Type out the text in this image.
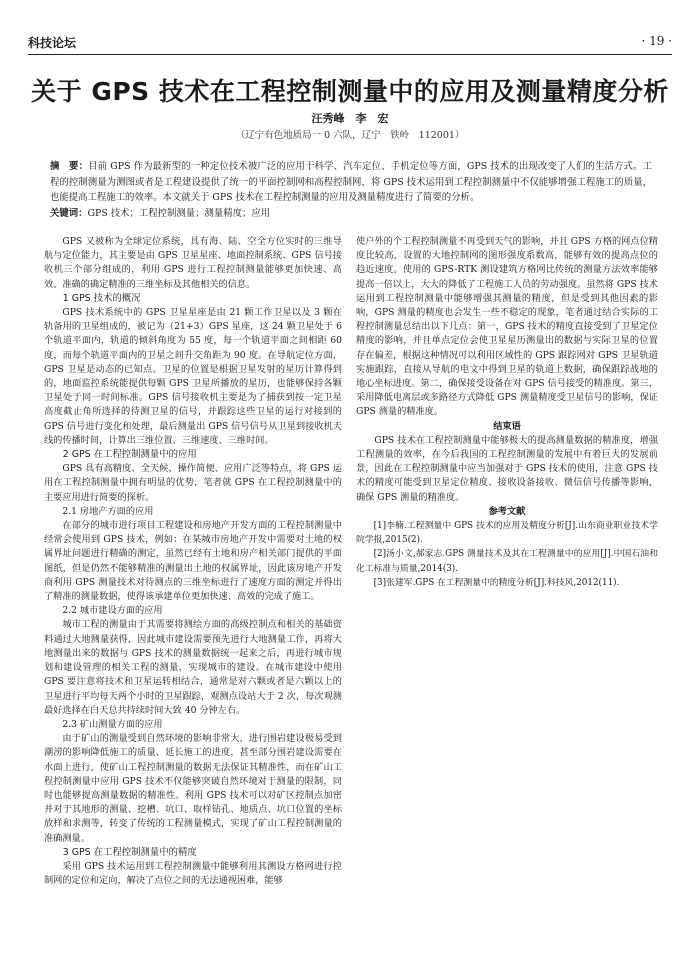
科技论坛	· 19 ·
关于 GPS 技术在工程控制测量中的应用及测量精度分析
汪秀峰　李　宏
（辽宁有色地质局一 0 六队，辽宁　铁岭　112001）
摘　要：目前 GPS 作为最新型的一种定位技术被广泛的应用于科学、汽车定位、手机定位等方面，GPS 技术的出现改变了人们的生活方式。工程的控制测量为测图或者是工程建设提供了统一的平面控制网和高程控制网，将 GPS 技术运用到工程控制测量中不仅能够增强工程施工的质量，也能提高工程施工的效率。本文就关于 GPS 技术在工程控制测量的应用及测量精度进行了简要的分析。
关键词：GPS 技术；工程控制测量；测量精度；应用

GPS 又被称为全球定位系统，具有海、陆、空全方位实时的三维导航与定位能力，其主要是由 GPS 卫星星座、地面控制系统、GPS 信号接收机三个部分组成的，利用 GPS 进行工程控制测量能够更加快速、高效、准确的确定精准的三维坐标及其他相关的信息。

1 GPS 技术的概况

GPS 技术系统中的 GPS 卫星星座是由 21 颗工作卫星以及 3 颗在轨备用的卫星组成的，被记为（21+3）GPS 星座，这 24 颗卫星处于 6 个轨道平面内，轨道的倾斜角度为 55 度，每一个轨道平面之间相距 60 度，而每个轨道平面内的卫星之间升交角距为 90 度。在导航定位方面，GPS 卫星是动态的已知点。卫星的位置是根据卫星发射的星历计算得到的，地面监控系统能提供每颗 GPS 卫星所播放的星历，也能够保持各颗卫星处于同一时间标准。GPS 信号接收机主要是为了捕获到按一定卫星高度截止角所选择的待测卫星的信号，并跟踪这些卫星的运行对接到的 GPS 信号进行变化和处理，最后测量出 GPS 信号信号从卫星到接收机天线的传播时间，计算出三维位置、三维速度、三维时间。

2 GPS 在工程控制测量中的应用

GPS 具有高精度、全天候、操作简便、应用广泛等特点，将 GPS 运用在工程控制测量中拥有明显的优势，笔者就 GPS 在工程控制测量中的主要应用进行简要的探析。

2.1 房地产方面的应用

在部分的城市进行项目工程建设和房地产开发方面的工程控制测量中经常会使用到 GPS 技术，例如：在某城市房地产开发中需要对土地的权属界址问题进行精确的测定，虽然已经有土地和房产相关部门提供的平面图纸，但是仍然不能够精准的测量出土地的权属界址，因此该房地产开发商利用 GPS 测量技术对待测点的三维坐标进行了速度方面的测定并得出了精准的测量数据，使得该承建单位更加快速、高效的完成了施工。

2.2 城市建设方面的应用

城市工程的测量由于其需要将测绘方面的高级控制点和相关的基础资料通过大地测量获得，因此城市建设需要预先进行大地测量工作，再将大地测量出来的数据与 GPS 技术的测量数据统一起来之后，再进行城市规划和建设管理的相关工程的测量，实现城市的建设。在城市建设中使用 GPS 要注意将技术和卫星运转相结合，通常是对六颗或者是六颗以上的卫星进行平均每天两个小时的卫星跟踪，观测点设站大于 2 次，每次观测最好选择在白天总共持续时间大致 40 分钟左右。

2.3 矿山测量方面的应用

由于矿山的测量受到自然环境的影响非常大，进行围岩建设极易受到潮涝的影响降低施工的质量、延长施工的进度，甚至部分围岩建设需要在水面上进行，使矿山工程控制测量的数据无法保证其精准性，而在矿山工程控制测量中应用 GPS 技术不仅能够突破自然环境对于测量的限制，同时也能够提高测量数据的精准性。利用 GPS 技术可以对矿区控制点加密并对于其地形的测量、挖槽、坑口、取样钻孔、地质点、坑口位置的坐标放样和求测等，转变了传统的工程测量模式，实现了矿山工程控制测量的准确测量。

3 GPS 在工程控制测量中的精度

采用 GPS 技术运用到工程控制测量中能够利用其测设方格网进行控制网的定位和定向，解决了点位之间的无法通视困难，能够

使户外的个工程控制测量不再受到天气的影响，并且 GPS 方格的网点位精度比较高，设置的大地控制网的图形强度系数高，能够有效的提高点位的趋近速度。使用的 GPS-RTK 测设建筑方格网比传统的测量方法效率能够提高一倍以上，大大的降低了工程施工人员的劳动强度。虽然将 GPS 技术运用到工程控制测量中能够增强其测量的精度，但是受到其他因素的影响，GPS 测量的精度也会发生一些不稳定的现象，笔者通过结合实际的工程控制测量总结出以下几点：第一，GPS 技术的精度直接受到了卫星定位精度的影响，并且单点定位会使卫星星历测量出的数据与实际卫星的位置存在偏差，根据这种情况可以利用区域性的 GPS 跟踪网对 GPS 卫星轨道实施跟踪，直接从导航的电文中得到卫星的轨道上数据，确保跟踪战地的地心坐标进度。第二，确保接受设备在对 GPS 信号接受的精准度。第三，采用降低电离层或多路径方式降低 GPS 测量精度受卫星信号的影响，保证 GPS 测量的精准度。

结束语

GPS 技术在工程控制测量中能够极大的提高测量数据的精准度，增强工程测量的效率，在今后我国的工程控制测量的发展中有着巨大的发展前景，因此在工程控制测量中应当加强对于 GPS 技术的使用，注意 GPS 技术的精度可能受到卫星定位精度、接收设备接收、微信信号传播等影响，确保 GPS 测量的精准度。

参考文献

[1]李楠.工程测量中 GPS 技术的应用及精度分析[J].山东商业职业技术学院学报,2015(2).

[2]汤小文,郝家志.GPS 测量技术及其在工程测量中的应用[J].中国石油和化工标准与质量,2014(3).

[3]张建军.GPS 在工程测量中的精度分析[J].科技风,2012(11).
